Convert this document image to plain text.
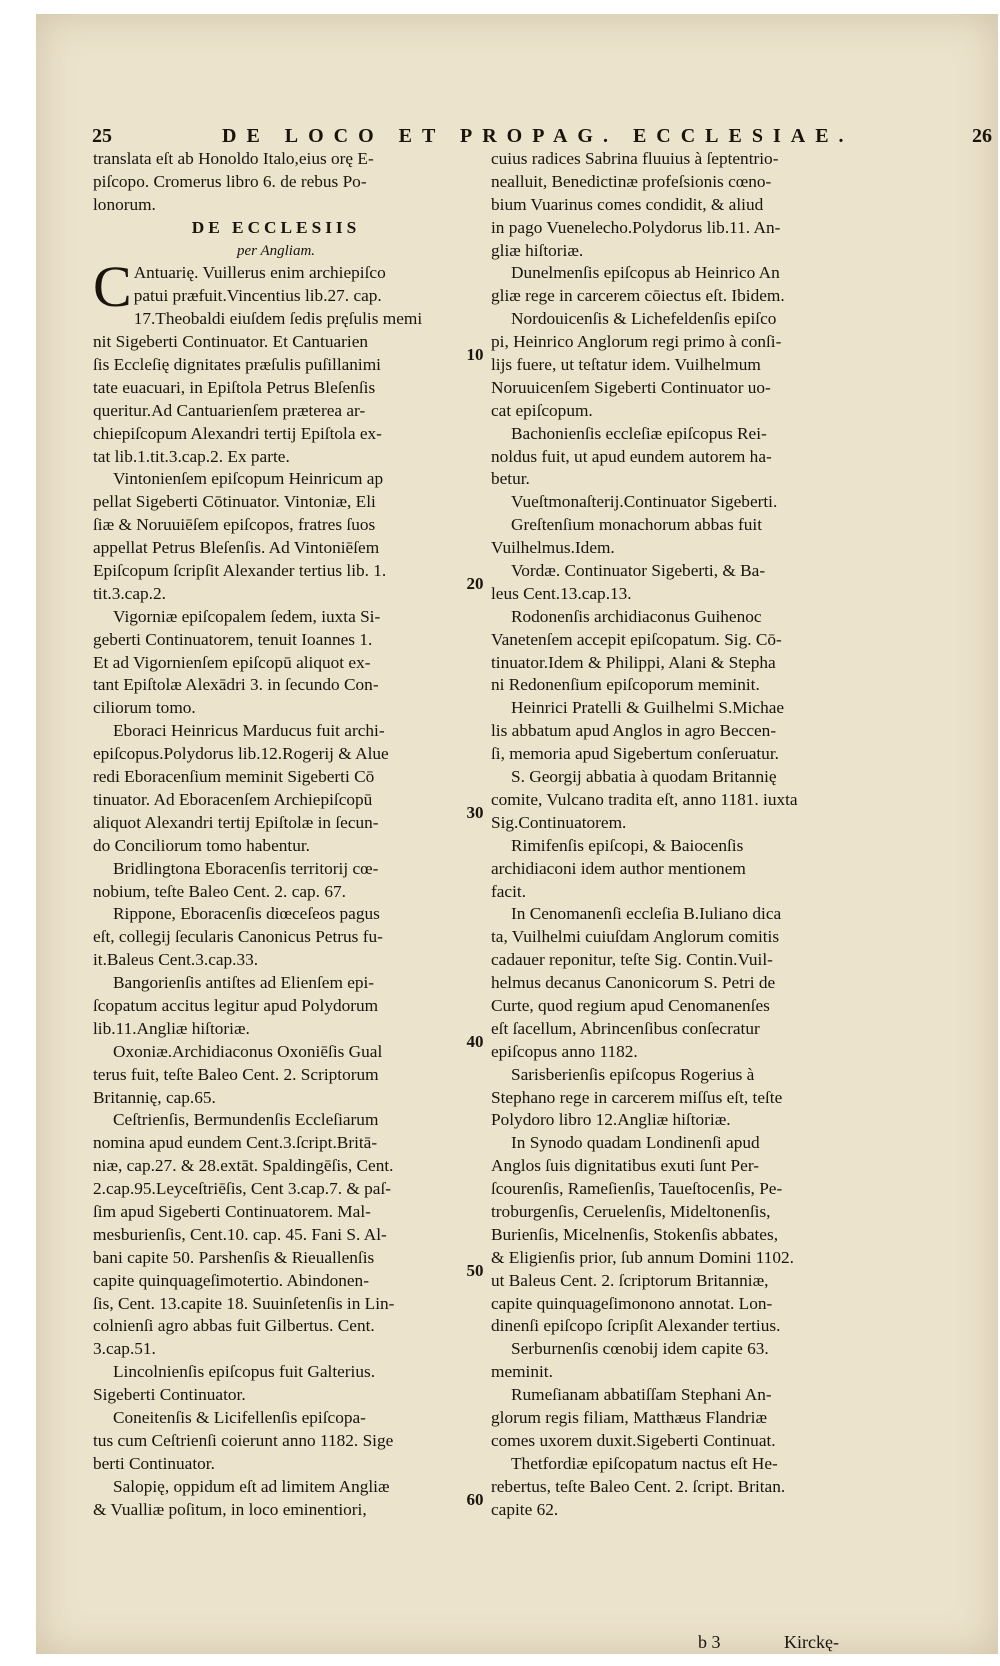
25	DE LOCO ET PROPAG. ECCLESIAE.	26
translata eſt ab Honoldo Italo,eius orę E-
piſcopo. Cromerus libro 6. de rebus Po-
lonorum.
DE ECCLESIIS
per Angliam.
C Antuarię. Vuillerus enim archiepiſco
patui præfuit.Vincentius lib.27. cap.
17.Theobaldi eiuſdem ſedis pręſulis memi
nit Sigeberti Continuator. Et Cantuarien
ſis Eccleſię dignitates præſulis puſillanimi
tate euacuari, in Epiſtola Petrus Bleſenſis
queritur.Ad Cantuarienſem præterea ar-
chiepiſcopum Alexandri tertij Epiſtola ex-
tat lib.1.tit.3.cap.2. Ex parte.
Vintonienſem epiſcopum Heinricum ap
pellat Sigeberti Cōtinuator. Vintoniæ, Eli
ſiæ & Noruuiēſem epiſcopos, fratres ſuos
appellat Petrus Bleſenſis. Ad Vintoniēſem
Epiſcopum ſcripſit Alexander tertius lib. 1.
tit.3.cap.2.
Vigorniæ epiſcopalem ſedem, iuxta Si-
geberti Continuatorem, tenuit Ioannes 1.
Et ad Vigornienſem epiſcopū aliquot ex-
tant Epiſtolæ Alexādri 3. in ſecundo Con-
ciliorum tomo.
Eboraci Heinricus Marducus fuit archi-
epiſcopus.Polydorus lib.12.Rogerij & Alue
redi Eboracenſium meminit Sigeberti Cō
tinuator. Ad Eboracenſem Archiepiſcopū
aliquot Alexandri tertij Epiſtolæ in ſecun-
do Conciliorum tomo habentur.
Bridlingtona Eboracenſis territorij cœ-
nobium, teſte Baleo Cent. 2. cap. 67.
Rippone, Eboracenſis diœceſeos pagus
eſt, collegij ſecularis Canonicus Petrus fu-
it.Baleus Cent.3.cap.33.
Bangorienſis antiſtes ad Elienſem epi-
ſcopatum accitus legitur apud Polydorum
lib.11.Angliæ hiſtoriæ.
Oxoniæ.Archidiaconus Oxoniēſis Gual
terus fuit, teſte Baleo Cent. 2. Scriptorum
Britannię, cap.65.
Ceſtrienſis, Bermundenſis Eccleſiarum
nomina apud eundem Cent.3.ſcript.Britā-
niæ, cap.27. & 28.extāt. Spaldingēſis, Cent.
2.cap.95.Leyceſtriēſis, Cent 3.cap.7. & paſ-
ſim apud Sigeberti Continuatorem. Mal-
mesburienſis, Cent.10. cap. 45. Fani S. Al-
bani capite 50. Parshenſis & Rieuallenſis
capite quinquageſimotertio. Abindonen-
ſis, Cent. 13.capite 18. Suuinſetenſis in Lin-
colnienſi agro abbas fuit Gilbertus. Cent.
3.cap.51.
Lincolnienſis epiſcopus fuit Galterius.
Sigeberti Continuator.
Coneitenſis & Licifellenſis epiſcopa-
tus cum Ceſtrienſi coierunt anno 1182. Sige
berti Continuator.
Salopię, oppidum eſt ad limitem Angliæ
& Vualliæ poſitum, in loco eminentiori,
cuius radices Sabrina fluuius à ſeptentrio-
nealluit, Benedictinæ profeſsionis cœno-
bium Vuarinus comes condidit, & aliud
in pago Vuenelecho.Polydorus lib.11. An-
gliæ hiſtoriæ.
Dunelmenſis epiſcopus ab Heinrico An
gliæ rege in carcerem cōiectus eſt. Ibidem.
Nordouicenſis & Lichefeldenſis epiſco
pi, Heinrico Anglorum regi primo à conſi-
lijs fuere, ut teſtatur idem. Vuilhelmum
Noruuicenſem Sigeberti Continuator uo-
cat epiſcopum.
Bachonienſis eccleſiæ epiſcopus Rei-
noldus fuit, ut apud eundem autorem ha-
betur.
Vueſtmonaſterij.Continuator Sigeberti.
Greſtenſium monachorum abbas fuit
Vuilhelmus.Idem.
Vordæ. Continuator Sigeberti, & Ba-
leus Cent.13.cap.13.
Rodonenſis archidiaconus Guihenoc
Vanetenſem accepit epiſcopatum. Sig. Cō-
tinuator.Idem & Philippi, Alani & Stepha
ni Redonenſium epiſcoporum meminit.
Heinrici Pratelli & Guilhelmi S.Michae
lis abbatum apud Anglos in agro Beccen-
ſi, memoria apud Sigebertum conſeruatur.
S. Georgij abbatia à quodam Britannię
comite, Vulcano tradita eſt, anno 1181. iuxta
Sig.Continuatorem.
Rimifenſis epiſcopi, & Baiocenſis
archidiaconi idem author mentionem
facit.
In Cenomanenſi eccleſia B.Iuliano dica
ta, Vuilhelmi cuiuſdam Anglorum comitis
cadauer reponitur, teſte Sig. Contin.Vuil-
helmus decanus Canonicorum S. Petri de
Curte, quod regium apud Cenomanenſes
eſt ſacellum, Abrincenſibus conſecratur
epiſcopus anno 1182.
Sarisberienſis epiſcopus Rogerius à
Stephano rege in carcerem miſſus eſt, teſte
Polydoro libro 12.Angliæ hiſtoriæ.
In Synodo quadam Londinenſi apud
Anglos ſuis dignitatibus exuti ſunt Per-
ſcourenſis, Rameſienſis, Taueſtocenſis, Pe-
troburgenſis, Ceruelenſis, Mideltonenſis,
Burienſis, Micelnenſis, Stokenſis abbates,
& Eligienſis prior, ſub annum Domini 1102.
ut Baleus Cent. 2. ſcriptorum Britanniæ,
capite quinquageſimonono annotat. Lon-
dinenſi epiſcopo ſcripſit Alexander tertius.
Serburnenſis cœnobij idem capite 63.
meminit.
Rumeſianam abbatiſſam Stephani An-
glorum regis filiam, Matthæus Flandriæ
comes uxorem duxit.Sigeberti Continuat.
Thetfordiæ epiſcopatum nactus eſt He-
rebertus, teſte Baleo Cent. 2. ſcript. Britan.
capite 62.
10
20
30
40
50
60
b 3	Kirckę-
